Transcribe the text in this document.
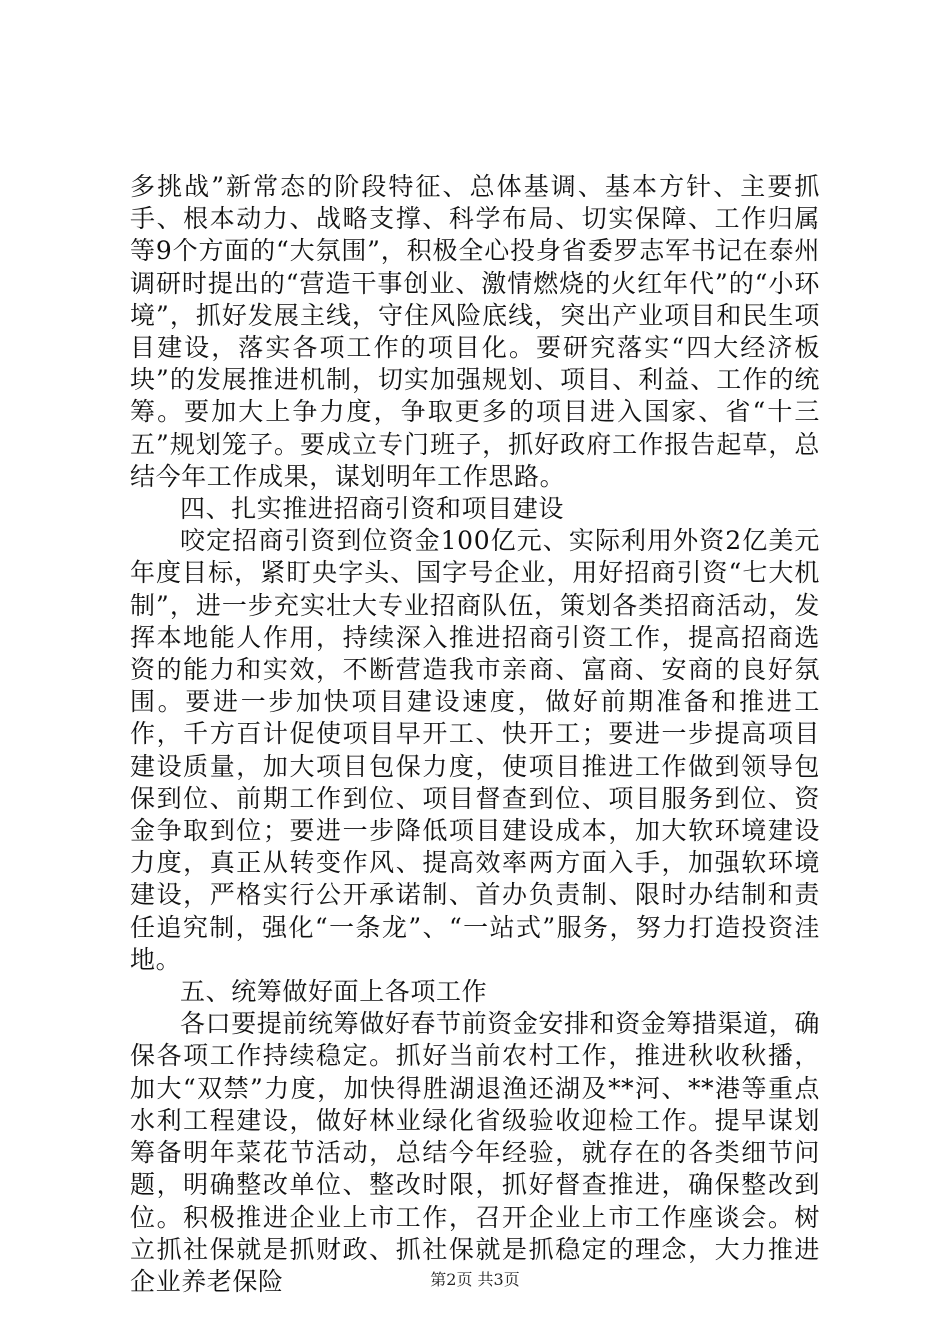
多挑战”新常态的阶段特征、总体基调、基本方针、主要抓手、根本动力、战略支撑、科学布局、切实保障、工作归属等9个方面的“大氛围”，积极全心投身省委罗志军书记在泰州调研时提出的“营造干事创业、激情燃烧的火红年代”的“小环境”，抓好发展主线，守住风险底线，突出产业项目和民生项目建设，落实各项工作的项目化。要研究落实“四大经济板块”的发展推进机制，切实加强规划、项目、利益、工作的统筹。要加大上争力度，争取更多的项目进入国家、省“十三五”规划笼子。要成立专门班子，抓好政府工作报告起草，总结今年工作成果，谋划明年工作思路。

四、扎实推进招商引资和项目建设

咬定招商引资到位资金100亿元、实际利用外资2亿美元年度目标，紧盯央字头、国字号企业，用好招商引资“七大机制”，进一步充实壮大专业招商队伍，策划各类招商活动，发挥本地能人作用，持续深入推进招商引资工作，提高招商选资的能力和实效，不断营造我市亲商、富商、安商的良好氛围。要进一步加快项目建设速度，做好前期准备和推进工作，千方百计促使项目早开工、快开工；要进一步提高项目建设质量，加大项目包保力度，使项目推进工作做到领导包保到位、前期工作到位、项目督查到位、项目服务到位、资金争取到位；要进一步降低项目建设成本，加大软环境建设力度，真正从转变作风、提高效率两方面入手，加强软环境建设，严格实行公开承诺制、首办负责制、限时办结制和责任追究制，强化“一条龙”、“一站式”服务，努力打造投资洼地。

五、统筹做好面上各项工作

各口要提前统筹做好春节前资金安排和资金筹措渠道，确保各项工作持续稳定。抓好当前农村工作，推进秋收秋播，加大“双禁”力度，加快得胜湖退渔还湖及**河、**港等重点水利工程建设，做好林业绿化省级验收迎检工作。提早谋划筹备明年菜花节活动，总结今年经验，就存在的各类细节问题，明确整改单位、整改时限，抓好督查推进，确保整改到位。积极推进企业上市工作，召开企业上市工作座谈会。树立抓社保就是抓财政、抓社保就是抓稳定的理念，大力推进企业养老保险	第2页 共3页
